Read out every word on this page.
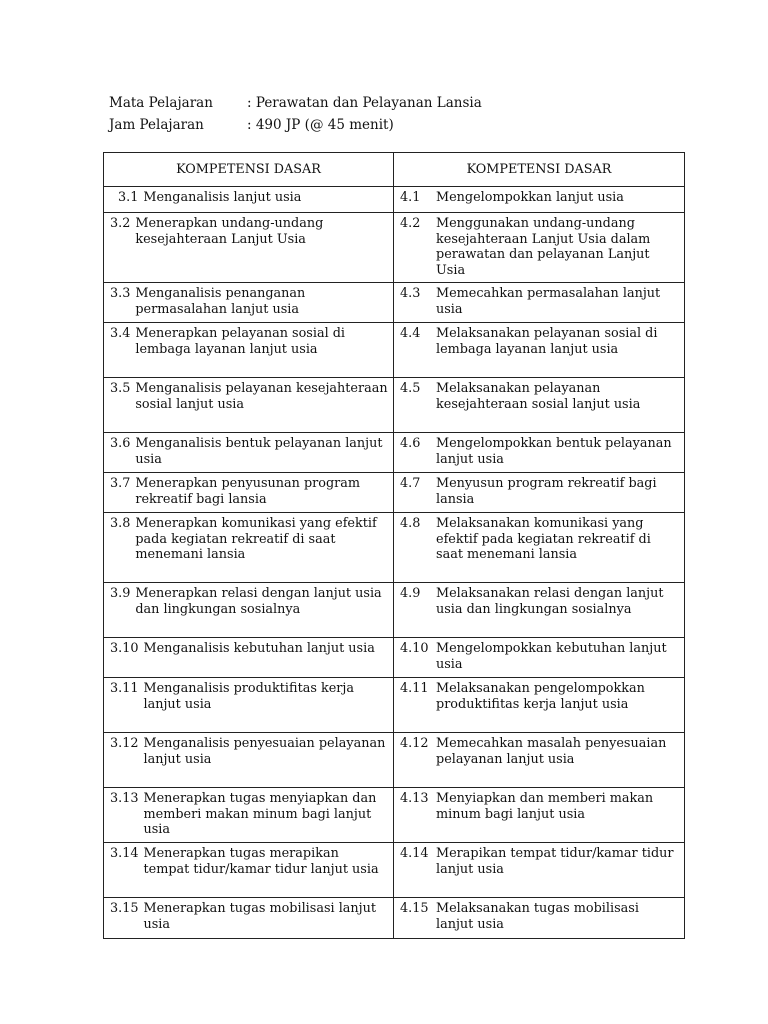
Mata Pelajaran	: Perawatan dan Pelayanan Lansia
Jam Pelajaran	: 490 JP (@ 45 menit)
KOMPETENSI DASAR	KOMPETENSI DASAR

3.1 Menganalisis lanjut usia	4.1 Mengelompokkan lanjut usia

3.2 Menerapkan undang-undang kesejahteraan Lanjut Usia	4.2 Menggunakan undang-undang kesejahteraan Lanjut Usia dalam perawatan dan pelayanan Lanjut Usia

3.3 Menganalisis penanganan permasalahan lanjut usia	4.3 Memecahkan permasalahan lanjut usia

3.4 Menerapkan pelayanan sosial di lembaga layanan lanjut usia	4.4 Melaksanakan pelayanan sosial di lembaga layanan lanjut usia

3.5 Menganalisis pelayanan kesejahteraan sosial lanjut usia	4.5 Melaksanakan pelayanan kesejahteraan sosial lanjut usia

3.6 Menganalisis bentuk pelayanan lanjut usia	4.6 Mengelompokkan bentuk pelayanan lanjut usia

3.7 Menerapkan penyusunan program rekreatif bagi lansia	4.7 Menyusun program rekreatif bagi lansia

3.8 Menerapkan komunikasi yang efektif pada kegiatan rekreatif di saat menemani lansia	4.8 Melaksanakan komunikasi yang efektif pada kegiatan rekreatif di saat menemani lansia

3.9 Menerapkan relasi dengan lanjut usia dan lingkungan sosialnya	4.9 Melaksanakan relasi dengan lanjut usia dan lingkungan sosialnya

3.10 Menganalisis kebutuhan lanjut usia	4.10 Mengelompokkan kebutuhan lanjut usia

3.11 Menganalisis produktifitas kerja lanjut usia	4.11 Melaksanakan pengelompokkan produktifitas kerja lanjut usia

3.12 Menganalisis penyesuaian pelayanan lanjut usia	4.12 Memecahkan masalah penyesuaian pelayanan lanjut usia

3.13 Menerapkan tugas menyiapkan dan memberi makan minum bagi lanjut usia	4.13 Menyiapkan dan memberi makan minum bagi lanjut usia

3.14 Menerapkan tugas merapikan tempat tidur/kamar tidur lanjut usia	4.14 Merapikan tempat tidur/kamar tidur lanjut usia

3.15 Menerapkan tugas mobilisasi lanjut usia	4.15 Melaksanakan tugas mobilisasi lanjut usia
